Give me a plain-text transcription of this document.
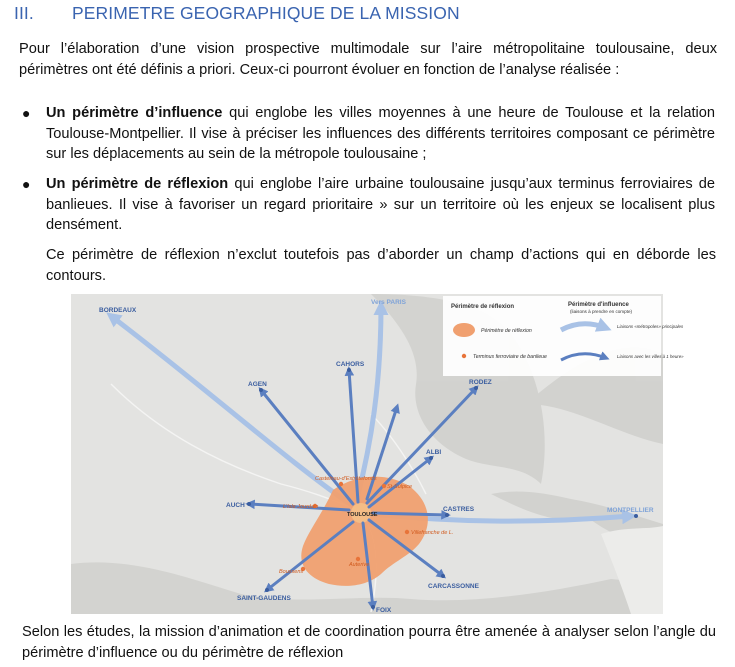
III.	PERIMETRE GEOGRAPHIQUE DE LA MISSION
Pour l’élaboration d’une vision prospective multimodale sur l’aire métropolitaine toulousaine, deux périmètres ont été définis a priori. Ceux-ci pourront évoluer en fonction de l’analyse réalisée :
● Un périmètre d’influence qui englobe les villes moyennes à une heure de Toulouse et la relation Toulouse-Montpellier. Il vise à préciser les influences des différents territoires composant ce périmètre sur les déplacements au sein de la métropole toulousaine ;
● Un périmètre de réflexion qui englobe l’aire urbaine toulousaine jusqu’aux terminus ferroviaires de banlieues. Il vise à favoriser un regard prioritaire » sur un territoire où les enjeux se localisent plus densément.
Ce périmètre de réflexion n’exclut toutefois pas d’aborder un champ d’actions qui en déborde les contours.
BORDEAUX
Vers PARIS
CAHORS
RODEZ
AGEN
ALBI
AUCH
CASTRES	MONTPELLIER
CARCASSONNE
SAINT-GAUDENS
FOIX
TOULOUSE
Castelnau-d'Estrétefonds
St-Sulpice
L'Isle Jourdain
Villefranche de L.
Boussens
Auterive
Périmètre de réflexion
Périmètre de réflexion
Terminus ferroviaire de banlieue
Périmètre d'influence
(liaisons à prendre en compte)
Liaisons «métropoles» principales
Liaisons avec les villes à 1 heure»
Selon les études, la mission d’animation et de coordination pourra être amenée à analyser selon l’angle du périmètre d’influence ou du périmètre de réflexion
